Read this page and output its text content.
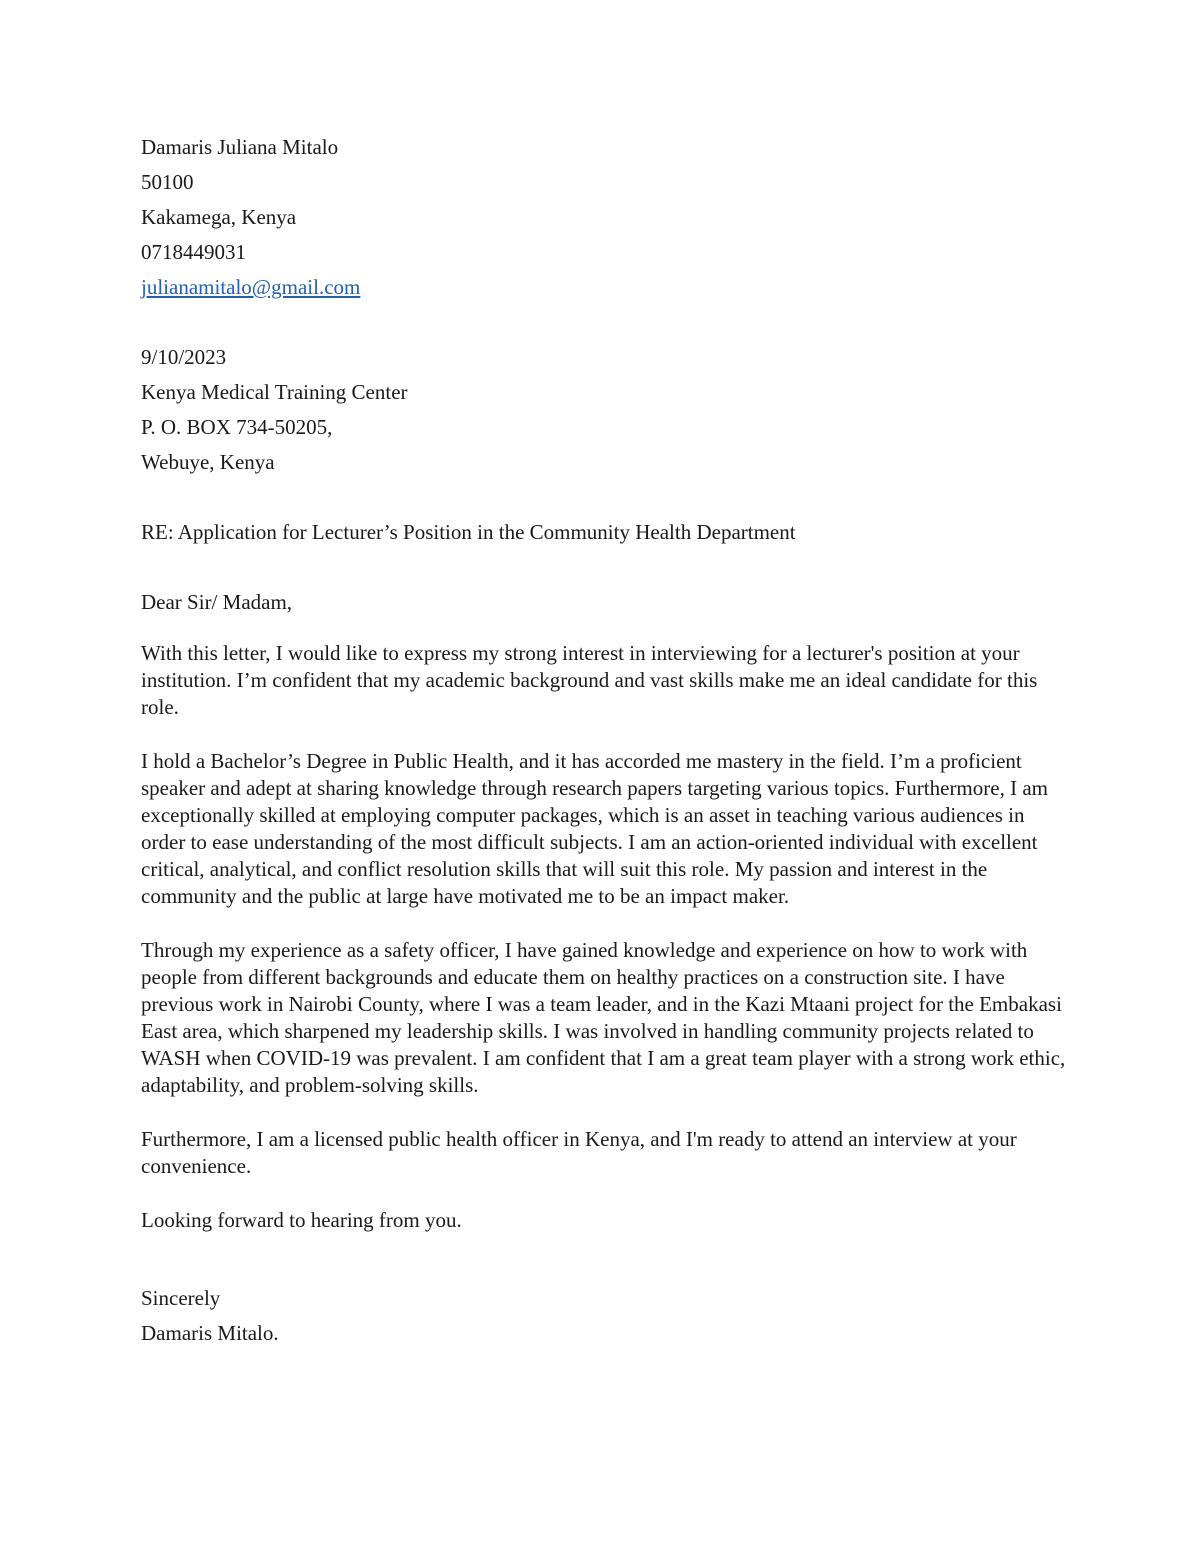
Damaris Juliana Mitalo
50100
Kakamega, Kenya
0718449031
julianamitalo@gmail.com
9/10/2023
Kenya Medical Training Center
P. O. BOX 734-50205,
Webuye, Kenya
RE: Application for Lecturer’s Position in the Community Health Department
Dear Sir/ Madam,

With this letter, I would like to express my strong interest in interviewing for a lecturer's position at your institution. I’m confident that my academic background and vast skills make me an ideal candidate for this role.

I hold a Bachelor’s Degree in Public Health, and it has accorded me mastery in the field. I’m a proficient speaker and adept at sharing knowledge through research papers targeting various topics. Furthermore, I am exceptionally skilled at employing computer packages, which is an asset in teaching various audiences in order to ease understanding of the most difficult subjects. I am an action-oriented individual with excellent critical, analytical, and conflict resolution skills that will suit this role. My passion and interest in the community and the public at large have motivated me to be an impact maker.

Through my experience as a safety officer, I have gained knowledge and experience on how to work with people from different backgrounds and educate them on healthy practices on a construction site. I have previous work in Nairobi County, where I was a team leader, and in the Kazi Mtaani project for the Embakasi East area, which sharpened my leadership skills. I was involved in handling community projects related to WASH when COVID-19 was prevalent. I am confident that I am a great team player with a strong work ethic, adaptability, and problem-solving skills.

Furthermore, I am a licensed public health officer in Kenya, and I'm ready to attend an interview at your convenience.

Looking forward to hearing from you.

Sincerely
Damaris Mitalo.
